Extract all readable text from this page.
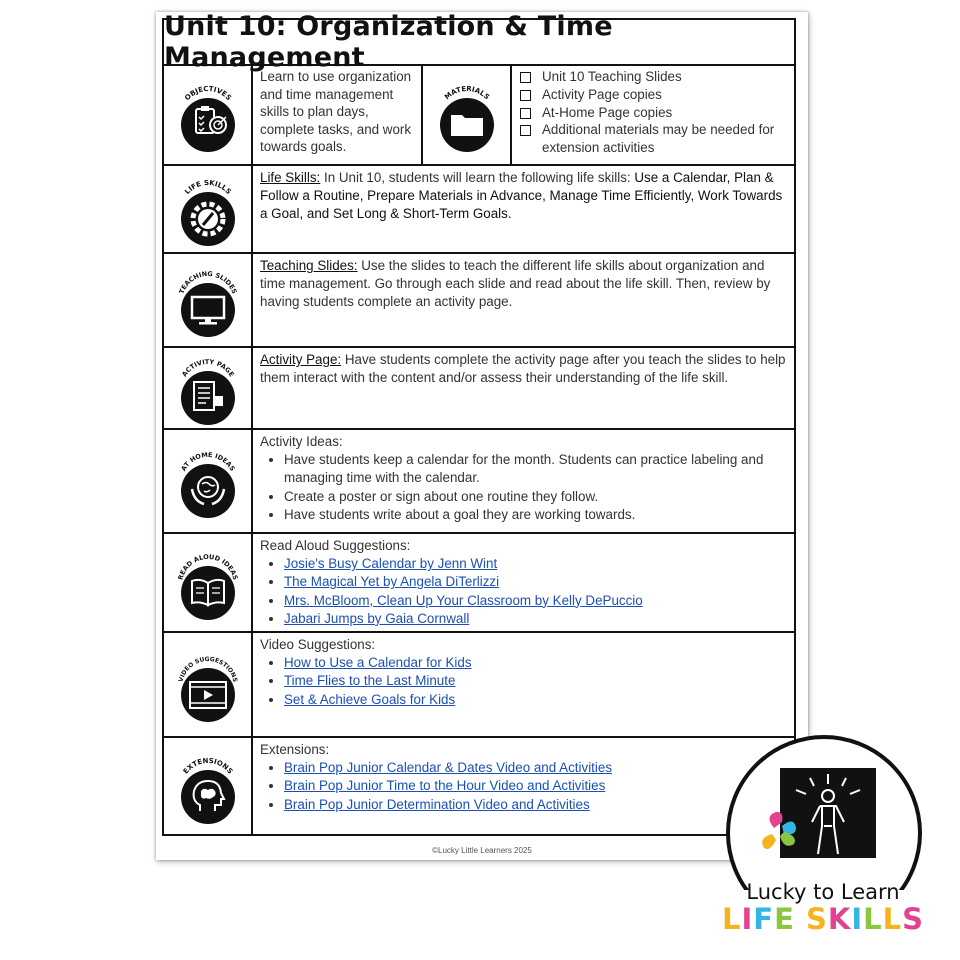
Unit 10: Organization & Time Management
OBJECTIVES
Learn to use organization and time management skills to plan days, complete tasks, and work towards goals.
MATERIALS
Unit 10 Teaching Slides
Activity Page copies
At-Home Page copies
Additional materials may be needed for extension activities
LIFE SKILLS
Life Skills: In Unit 10, students will learn the following life skills: Use a Calendar, Plan & Follow a Routine, Prepare Materials in Advance, Manage Time Efficiently, Work Towards a Goal, and Set Long & Short-Term Goals.
TEACHING SLIDES
Teaching Slides: Use the slides to teach the different life skills about organization and time management. Go through each slide and read about the life skill. Then, review by having students complete an activity page.
ACTIVITY PAGE
Activity Page: Have students complete the activity page after you teach the slides to help them interact with the content and/or assess their understanding of the life skill.
AT HOME IDEAS
Activity Ideas:
• Have students keep a calendar for the month. Students can practice labeling and managing time with the calendar.
• Create a poster or sign about one routine they follow.
• Have students write about a goal they are working towards.
READ ALOUD IDEAS
Read Aloud Suggestions:
• Josie's Busy Calendar by Jenn Wint
• The Magical Yet by Angela DiTerlizzi
• Mrs. McBloom, Clean Up Your Classroom by Kelly DePuccio
• Jabari Jumps by Gaia Cornwall
VIDEO SUGGESTIONS
Video Suggestions:
• How to Use a Calendar for Kids
• Time Flies to the Last Minute
• Set & Achieve Goals for Kids
EXTENSIONS
Extensions:
• Brain Pop Junior Calendar & Dates Video and Activities
• Brain Pop Junior Time to the Hour Video and Activities
• Brain Pop Junior Determination Video and Activities
©Lucky Little Learners 2025
Lucky to Learn
LIFE SKILLS
